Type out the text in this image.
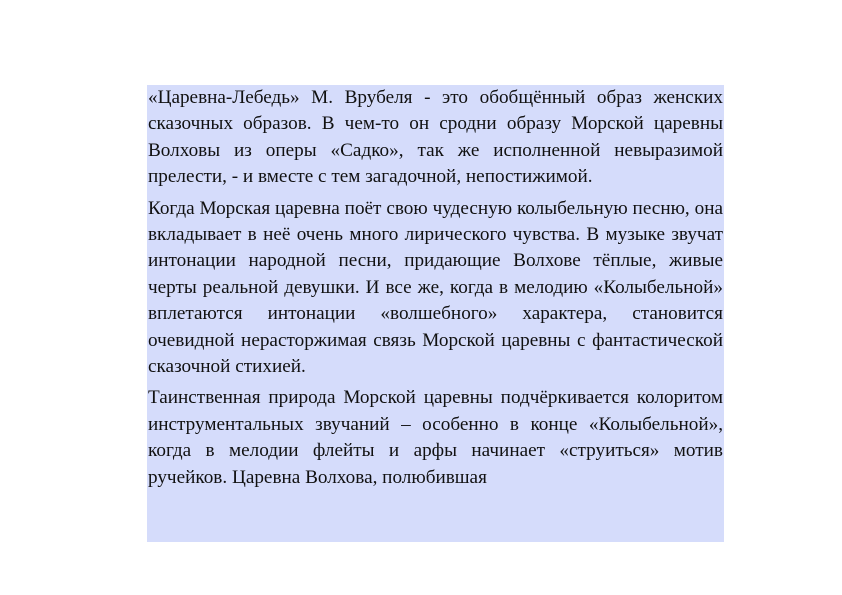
«Царевна-Лебедь» М. Врубеля - это обобщённый образ женских сказочных образов. В чем-то он сродни образу Морской царевны Волховы из оперы «Садко», так же исполненной невыразимой прелести, - и вместе с тем загадочной, непостижимой.

Когда Морская царевна поёт свою чудесную колыбельную песню, она вкладывает в неё очень много лирического чувства. В музыке звучат интонации народной песни, придающие Волхове тёплые, живые черты реальной девушки. И все же, когда в мелодию «Колыбельной» вплетаются интонации «волшебного» характера, становится очевидной нерасторжимая связь Морской царевны с фантастической сказочной стихией.

Таинственная природа Морской царевны подчёркивается колоритом инструментальных звучаний – особенно в конце «Колыбельной», когда в мелодии флейты и арфы начинает «струиться» мотив ручейков. Царевна Волхова, полюбившая
